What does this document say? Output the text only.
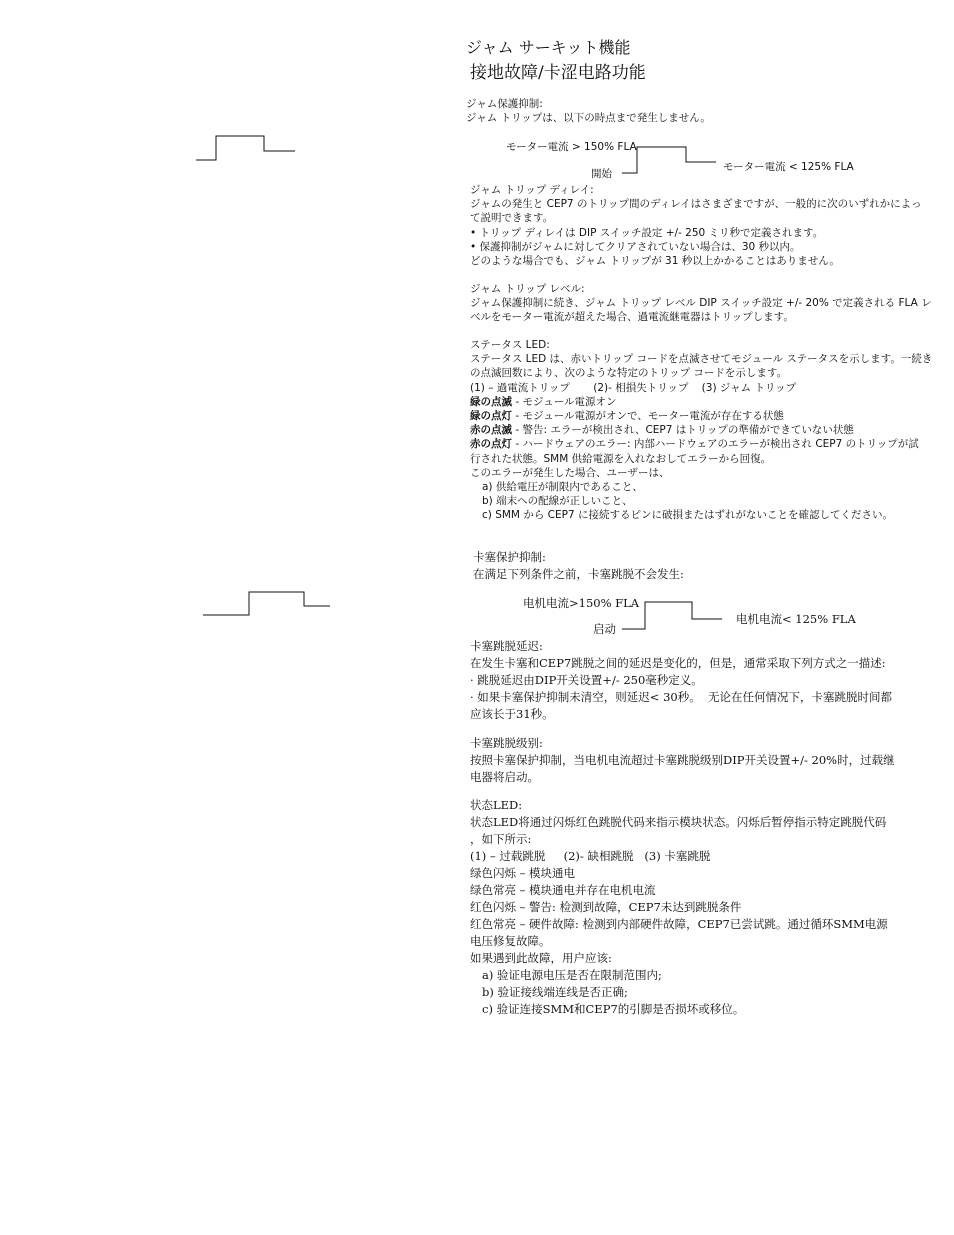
ジャム サーキット機能
接地故障/卡涩电路功能
ジャム保護抑制:
ジャム トリップは、以下の時点まで発生しません。
モーター電流 > 150% FLA
開始
モーター電流 < 125% FLA
ジャム トリップ ディレイ:
ジャムの発生と CEP7 のトリップ間のディレイはさまざまですが、一般的に次のいずれかによっ
て説明できます。
• トリップ ディレイは DIP スイッチ設定 +/- 250 ミリ秒で定義されます。
• 保護抑制がジャムに対してクリアされていない場合は、30 秒以内。
どのような場合でも、ジャム トリップが 31 秒以上かかることはありません。
ジャム トリップ レベル:
ジャム保護抑制に続き、ジャム トリップ レベル DIP スイッチ設定 +/- 20% で定義される FLA レ
ベルをモーター電流が超えた場合、過電流継電器はトリップします。
ステータス LED:
ステータス LED は、赤いトリップ コードを点滅させてモジュール ステータスを示します。一続き
の点滅回数により、次のような特定のトリップ コードを示します。
(1) – 過電流トリップ       (2)- 相損失トリップ    (3) ジャム トリップ
緑の点滅 - モジュール電源オン
緑の点灯 - モジュール電源がオンで、モーター電流が存在する状態
赤の点滅 - 警告: エラーが検出され、CEP7 はトリップの準備ができていない状態
赤の点灯 - ハードウェアのエラー: 内部ハードウェアのエラーが検出され CEP7 のトリップが試
行された状態。SMM 供給電源を入れなおしてエラーから回復。
このエラーが発生した場合、ユーザーは、
a) 供給電圧が制限内であること、
b) 端末への配線が正しいこと、
c) SMM から CEP7 に接続するピンに破損またはずれがないことを確認してください。
卡塞保护抑制:
在满足下列条件之前，卡塞跳脱不会发生:
电机电流>150% FLA
启动
电机电流< 125% FLA
卡塞跳脱延迟:
在发生卡塞和CEP7跳脱之间的延迟是变化的，但是，通常采取下列方式之一描述:
· 跳脱延迟由DIP开关设置+/- 250毫秒定义。
· 如果卡塞保护抑制未清空，则延迟< 30秒。  无论在任何情况下，卡塞跳脱时间都
应该长于31秒。
卡塞跳脱级别:
按照卡塞保护抑制，当电机电流超过卡塞跳脱级别DIP开关设置+/- 20%时，过载继
电器将启动。
状态LED:
状态LED将通过闪烁红色跳脱代码来指示模块状态。闪烁后暂停指示特定跳脱代码
，如下所示:
(1) – 过载跳脱     (2)- 缺相跳脱   (3) 卡塞跳脱
绿色闪烁 – 模块通电
绿色常亮 – 模块通电并存在电机电流
红色闪烁 – 警告: 检测到故障，CEP7未达到跳脱条件
红色常亮 – 硬件故障: 检测到内部硬件故障，CEP7已尝试跳。通过循环SMM电源
电压修复故障。
如果遇到此故障，用户应该:
a) 验证电源电压是否在限制范围内;
b) 验证接线端连线是否正确;
c) 验证连接SMM和CEP7的引脚是否损坏或移位。
